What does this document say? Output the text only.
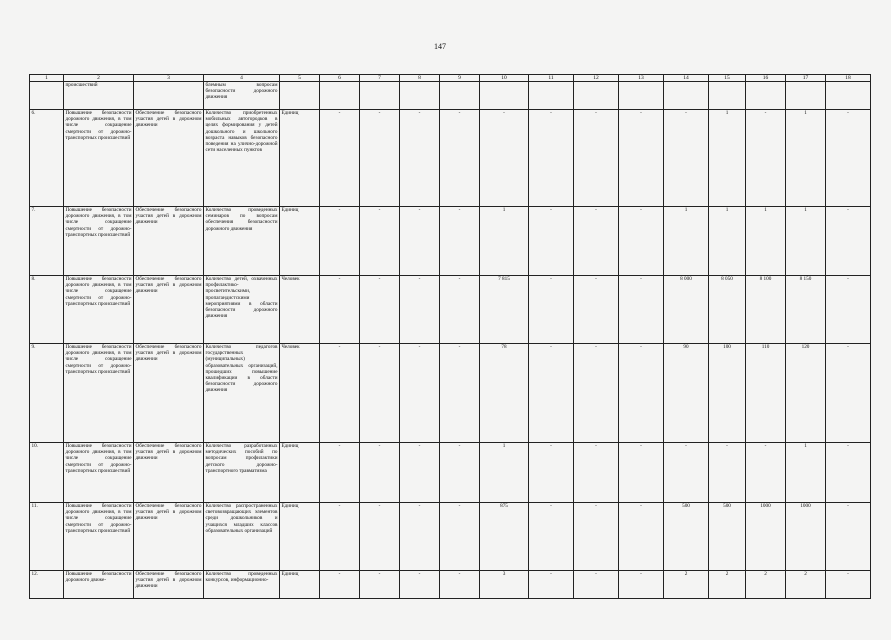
147
1	2	3	4	5	6	7	8	9	10	11	12	13	14	15	16	17	18
	происшествий		блемным вопросам безопасности дорожного движения														
6.	Повышение безопасности дорожного движения, в том числе сокращение смертности от дорожно-транспортных происшествий	Обеспечение безопасного участия детей в дорожном движении	Количество приобретенных мобильных автогородков в целях формирования у детей дошкольного и школьного возраста навыков безопасного поведения на улично-дорожной сети населенных пунктов	Единиц	-	-	-	-	-	-	-	-	-	1	-	1	-
7.	Повышение безопасности дорожного движения, в том числе сокращение смертности от дорожно-транспортных происшествий	Обеспечение безопасного участия детей в дорожном движении	Количество проведенных семинаров по вопросам обеспечения безопасности дорожного движения	Единиц	-	-	-	-	1	-	-	-	1	1	1	1	-
8.	Повышение безопасности дорожного движения, в том числе сокращение смертности от дорожно-транспортных происшествий	Обеспечение безопасного участия детей в дорожном движении	Количество детей, охваченных профилактико-просветительскими, пропагандистскими мероприятиями в области безопасности дорожного движения	Человек	-	-	-	-	7 815	-	-	-	8 000	8 050	8 100	8 150	-
9.	Повышение безопасности дорожного движения, в том числе сокращение смертности от дорожно-транспортных происшествий	Обеспечение безопасного участия детей в дорожном движении	Количество педагогов государственных (муниципальных) образовательных организаций, прошедших повышение квалификации в области безопасности дорожного движения	Человек	-	-	-	-	78	-	-	-	90	100	110	120	-
10.	Повышение безопасности дорожного движения, в том числе сокращение смертности от дорожно-транспортных происшествий	Обеспечение безопасного участия детей в дорожном движении	Количество разработанных методических пособий по вопросам профилактики детского дорожно-транспортного травматизма	Единиц	-	-	-	-	1	-	-	-	-	-	-	1	-
11.	Повышение безопасности дорожного движения, в том числе сокращение смертности от дорожно-транспортных происшествий	Обеспечение безопасного участия детей в дорожном движении	Количество распространенных световозвращающих элементов среди дошкольников и учащихся младших классов образовательных организаций	Единиц	-	-	-	-	875	-	-	-	500	500	1000	1000	-
12.	Повышение безопасности дорожного движе-	Обеспечение безопасного участия детей в дорожном движении	Количество проведенных конкурсов, информационно-	Единиц	-	-	-	-	3	-	-	-	2	2	2	2	-
